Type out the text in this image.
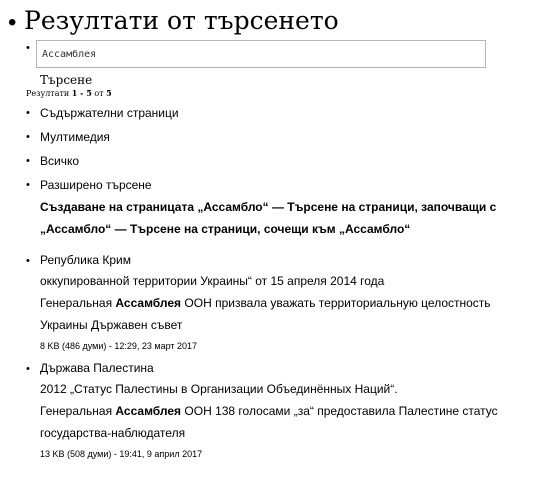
• Резултати от търсенето
•
Ассамблея
Търсене
Резултати 1 - 5 от 5
• Съдържателни страници
• Мултимедия
• Всичко
• Разширено търсене
Създаване на страницата „Ассамбло“ — Търсене на страници, започващи с
„Ассамбло“ — Търсене на страници, сочещи към „Ассамбло“
• Република Крим
оккупированной территории Украины“ от 15 апреля 2014 года
Генеральная Ассамблея ООН призвала уважать территориальную целостность
Украины Държавен съвет
8 KB (486 думи) - 12:29, 23 март 2017
• Държава Палестина
2012 „Статус Палестины в Организации Объединённых Наций“.
Генеральная Ассамблея ООН 138 голосами „за“ предоставила Палестине статус
государства-наблюдателя
13 KB (508 думи) - 19:41, 9 април 2017
